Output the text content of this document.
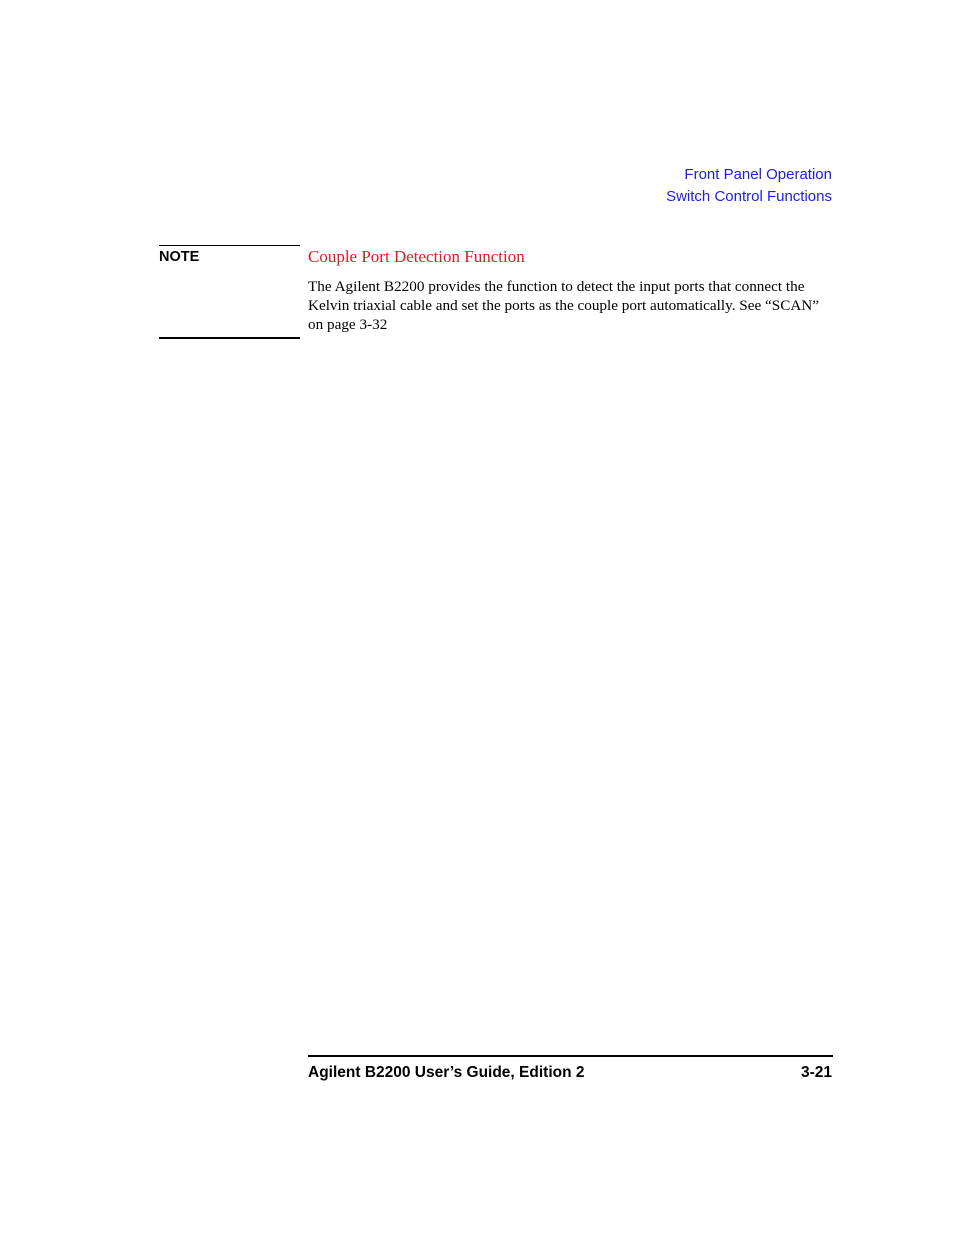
Front Panel Operation
Switch Control Functions
NOTE	Couple Port Detection Function
The Agilent B2200 provides the function to detect the input ports that connect the
Kelvin triaxial cable and set the ports as the couple port automatically. See “SCAN”
on page 3-32
Agilent B2200 User’s Guide, Edition 2	3-21
